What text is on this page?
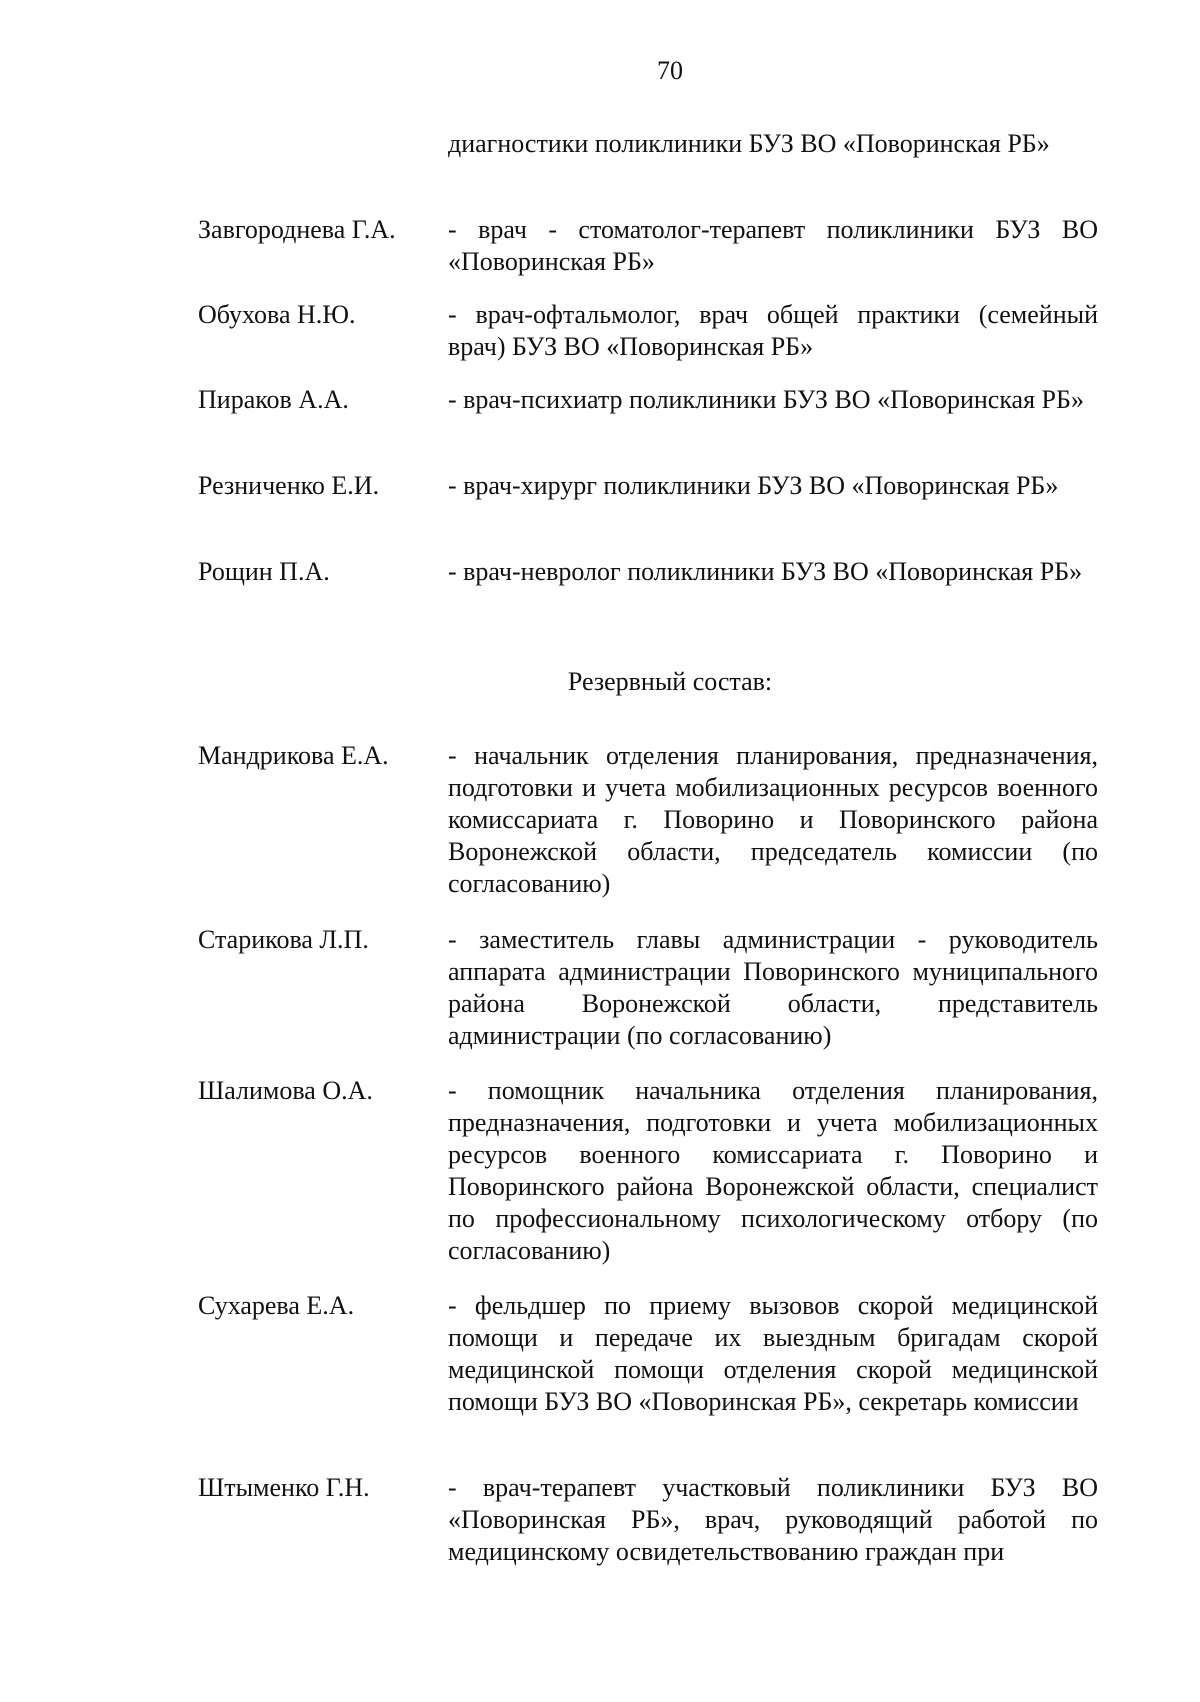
70

диагностики поликлиники БУЗ ВО «Поворинская РБ»

Завгороднева Г.А. - врач - стоматолог-терапевт поликлиники БУЗ ВО «Поворинская РБ»

Обухова Н.Ю.	- врач-офтальмолог, врач общей практики (семейный врач) БУЗ ВО «Поворинская РБ»

Пираков А.А.	- врач-психиатр поликлиники БУЗ ВО «Поворинская РБ»

Резниченко Е.И.	- врач-хирург поликлиники БУЗ ВО «Поворинская РБ»

Рощин П.А.	- врач-невролог поликлиники БУЗ ВО «Поворинская РБ»

Резервный состав:
Мандрикова Е.А. - начальник отделения планирования, предназначения, подготовки и учета мобилизационных ресурсов военного комиссариата г. Поворино и Поворинского района Воронежской области, председатель комиссии (по согласованию)

Старикова Л.П.	- заместитель главы администрации - руководитель аппарата администрации Поворинского муниципального района Воронежской области, представитель администрации (по согласованию)

Шалимова О.А.	- помощник начальника отделения планирования, предназначения, подготовки и учета мобилизационных ресурсов военного комиссариата г. Поворино и Поворинского района Воронежской области, специалист по профессиональному психологическому отбору (по согласованию)

Сухарева Е.А.	- фельдшер по приему вызовов скорой медицинской помощи и передаче их выездным бригадам скорой медицинской помощи отделения скорой медицинской помощи БУЗ ВО «Поворинская РБ», секретарь комиссии

Штыменко Г.Н.	- врач-терапевт участковый поликлиники БУЗ ВО «Поворинская РБ», врач, руководящий работой по медицинскому освидетельствованию граждан при
